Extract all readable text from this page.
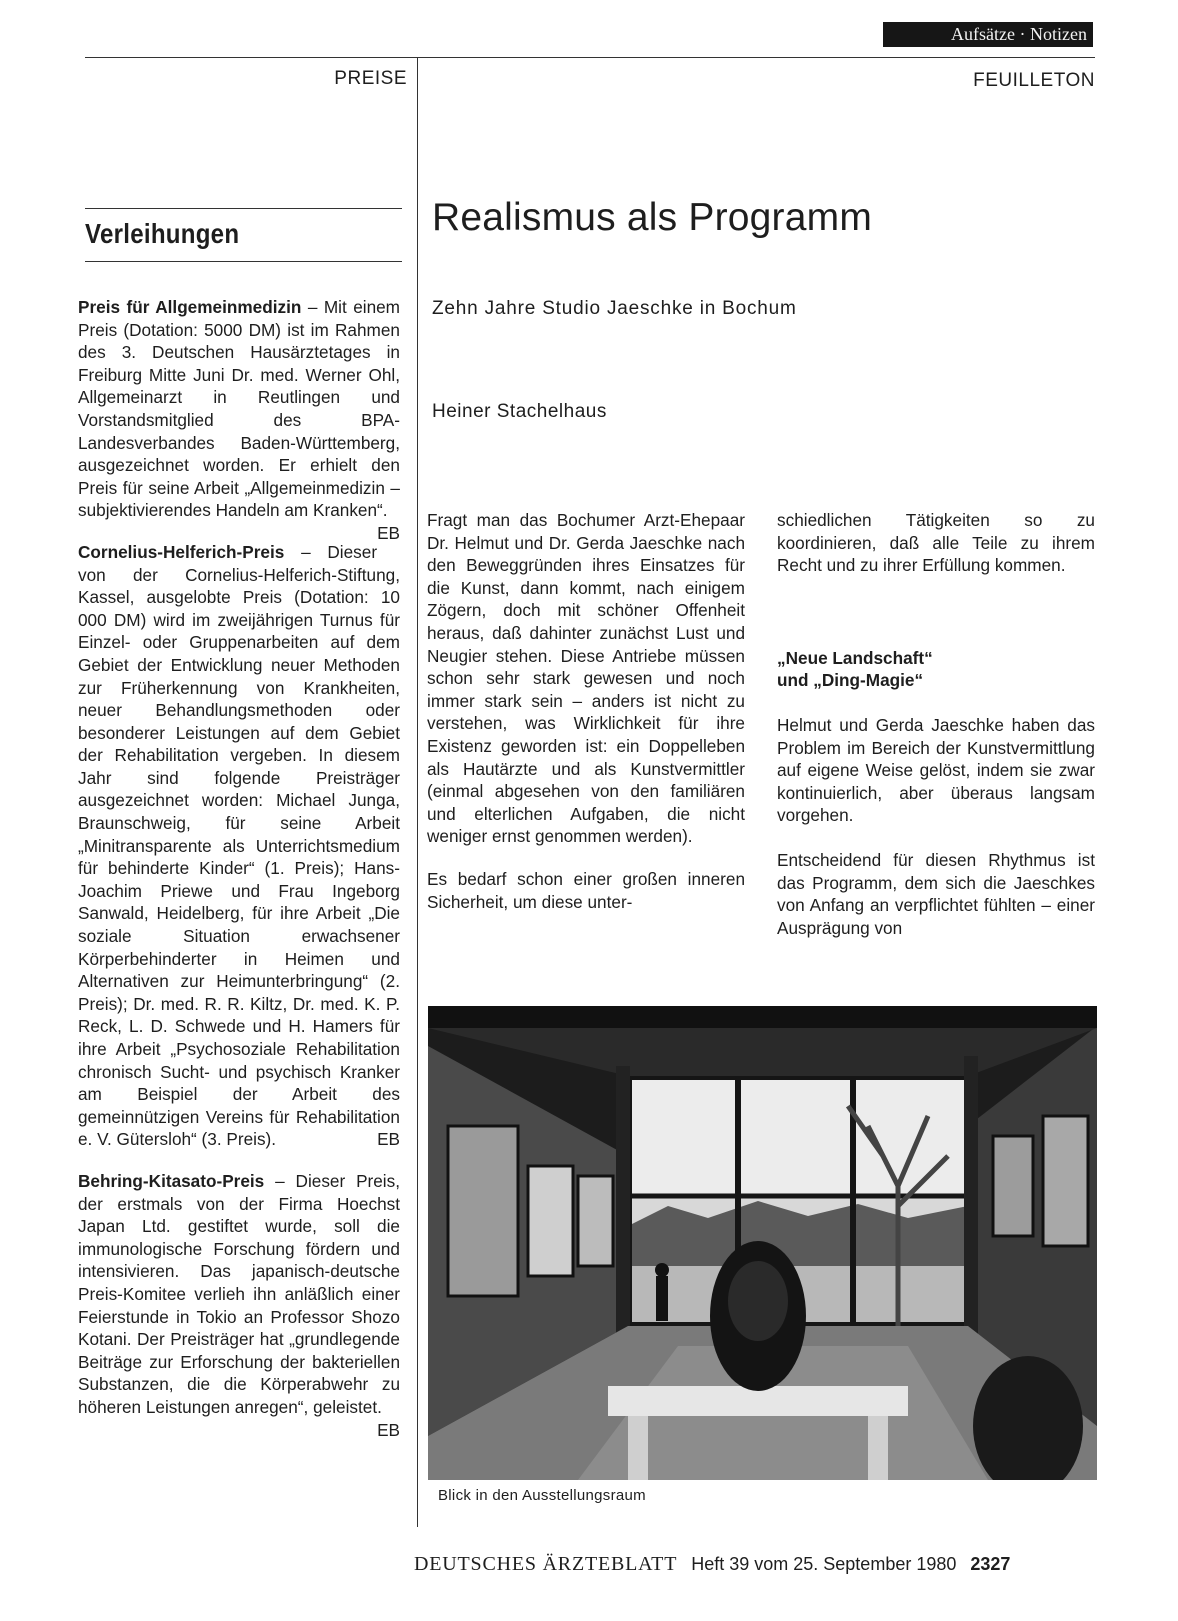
Aufsätze · Notizen
PREISE	FEUILLETON
Verleihungen

Preis für Allgemeinmedizin – Mit einem Preis (Dotation: 5000 DM) ist im Rahmen des 3. Deutschen Hausärztetages in Freiburg Mitte Juni Dr. med. Werner Ohl, Allgemeinarzt in Reutlingen und Vorstandsmitglied des BPA-Landesverbandes Baden-Württemberg, ausgezeichnet worden. Er erhielt den Preis für seine Arbeit „Allgemeinmedizin – subjektivierendes Handeln am Kranken“.
EB

Cornelius-Helferich-Preis – Dieser von der Cornelius-Helferich-Stiftung, Kassel, ausgelobte Preis (Dotation: 10 000 DM) wird im zweijährigen Turnus für Einzel- oder Gruppenarbeiten auf dem Gebiet der Entwicklung neuer Methoden zur Früherkennung von Krankheiten, neuer Behandlungsmethoden oder besonderer Leistungen auf dem Gebiet der Rehabilitation vergeben. In diesem Jahr sind folgende Preisträger ausgezeichnet worden: Michael Junga, Braunschweig, für seine Arbeit „Minitransparente als Unterrichtsmedium für behinderte Kinder“ (1. Preis); Hans-Joachim Priewe und Frau Ingeborg Sanwald, Heidelberg, für ihre Arbeit „Die soziale Situation erwachsener Körperbehinderter in Heimen und Alternativen zur Heimunterbringung“ (2. Preis); Dr. med. R. R. Kiltz, Dr. med. K. P. Reck, L. D. Schwede und H. Hamers für ihre Arbeit „Psychosoziale Rehabilitation chronisch Sucht- und psychisch Kranker am Beispiel der Arbeit des gemeinnützigen Vereins für Rehabilitation e. V. Gütersloh“ (3. Preis).	EB

Behring-Kitasato-Preis – Dieser Preis, der erstmals von der Firma Hoechst Japan Ltd. gestiftet wurde, soll die immunologische Forschung fördern und intensivieren. Das japanisch-deutsche Preis-Komitee verlieh ihn anläßlich einer Feierstunde in Tokio an Professor Shozo Kotani. Der Preisträger hat „grundlegende Beiträge zur Erforschung der bakteriellen Substanzen, die die Körperabwehr zu höheren Leistungen anregen“, geleistet.
EB

Realismus als Programm
Zehn Jahre Studio Jaeschke in Bochum
Heiner Stachelhaus

Fragt man das Bochumer Arzt-Ehepaar Dr. Helmut und Dr. Gerda Jaeschke nach den Beweggründen ihres Einsatzes für die Kunst, dann kommt, nach einigem Zögern, doch mit schöner Offenheit heraus, daß dahinter zunächst Lust und Neugier stehen. Diese Antriebe müssen schon sehr stark gewesen und noch immer stark sein – anders ist nicht zu verstehen, was Wirklichkeit für ihre Existenz geworden ist: ein Doppelleben als Hautärzte und als Kunstvermittler (einmal abgesehen von den familiären und elterlichen Aufgaben, die nicht weniger ernst genommen werden).

Es bedarf schon einer großen inneren Sicherheit, um diese unter-

schiedlichen Tätigkeiten so zu koordinieren, daß alle Teile zu ihrem Recht und zu ihrer Erfüllung kommen.

„Neue Landschaft“
und „Ding-Magie“

Helmut und Gerda Jaeschke haben das Problem im Bereich der Kunstvermittlung auf eigene Weise gelöst, indem sie zwar kontinuierlich, aber überaus langsam vorgehen.

Entscheidend für diesen Rhythmus ist das Programm, dem sich die Jaeschkes von Anfang an verpflichtet fühlten – einer Ausprägung von

Blick in den Ausstellungsraum
DEUTSCHES ÄRZTEBLATT Heft 39 vom 25. September 1980 2327
